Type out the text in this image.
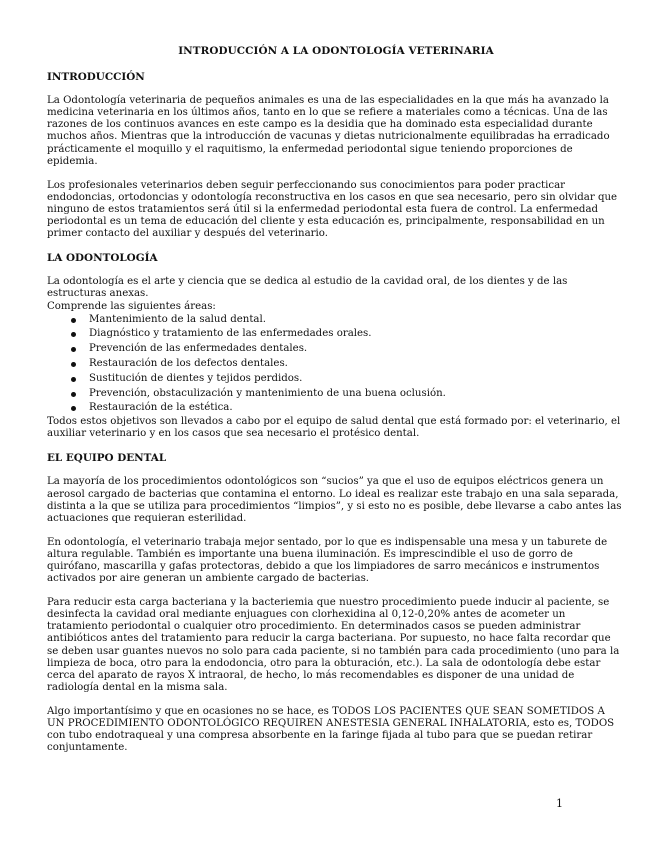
INTRODUCCIÓN A LA ODONTOLOGÍA VETERINARIA
INTRODUCCIÓN

La Odontología veterinaria de pequeños animales es una de las especialidades en la que más ha avanzado la medicina veterinaria en los últimos años, tanto en lo que se refiere a materiales como a técnicas. Una de las razones de los continuos avances en este campo es la desidia que ha dominado esta especialidad durante muchos años. Mientras que la introducción de vacunas y dietas nutricionalmente equilibradas ha erradicado prácticamente el moquillo y el raquitismo, la enfermedad periodontal sigue teniendo proporciones de epidemia.

Los profesionales veterinarios deben seguir perfeccionando sus conocimientos para poder practicar endodoncias, ortodoncias y odontología reconstructiva en los casos en que sea necesario, pero sin olvidar que ninguno de estos tratamientos será útil si la enfermedad periodontal esta fuera de control. La enfermedad periodontal es un tema de educación del cliente y esta educación es, principalmente, responsabilidad en un primer contacto del auxiliar y después del veterinario.

LA ODONTOLOGÍA

La odontología es el arte y ciencia que se dedica al estudio de la cavidad oral, de los dientes y de las estructuras anexas.

Comprende las siguientes áreas:

Mantenimiento de la salud dental.
Diagnóstico y tratamiento de las enfermedades orales.
Prevención de las enfermedades dentales.
Restauración de los defectos dentales.
Sustitución de dientes y tejidos perdidos.
Prevención, obstaculización y mantenimiento de una buena oclusión.
Restauración de la estética.

Todos estos objetivos son llevados a cabo por el equipo de salud dental que está formado por: el veterinario, el auxiliar veterinario y en los casos que sea necesario el protésico dental.

EL EQUIPO DENTAL

La mayoría de los procedimientos odontológicos son “sucios” ya que el uso de equipos eléctricos genera un aerosol cargado de bacterias que contamina el entorno. Lo ideal es realizar este trabajo en una sala separada, distinta a la que se utiliza para procedimientos “limpios”, y si esto no es posible, debe llevarse a cabo antes las actuaciones que requieran esterilidad.

En odontología, el veterinario trabaja mejor sentado, por lo que es indispensable una mesa y un taburete de altura regulable. También es importante una buena iluminación. Es imprescindible el uso de gorro de quirófano, mascarilla y gafas protectoras, debido a que los limpiadores de sarro mecánicos e instrumentos activados por aire generan un ambiente cargado de bacterias.

Para reducir esta carga bacteriana y la bacteriemia que nuestro procedimiento puede inducir al paciente, se desinfecta la cavidad oral mediante enjuagues con clorhexidina al 0,12-0,20% antes de acometer un tratamiento periodontal o cualquier otro procedimiento. En determinados casos se pueden administrar antibióticos antes del tratamiento para reducir la carga bacteriana. Por supuesto, no hace falta recordar que se deben usar guantes nuevos no solo para cada paciente, si no también para cada procedimiento (uno para la limpieza de boca, otro para la endodoncia, otro para la obturación, etc.). La sala de odontología debe estar cerca del aparato de rayos X intraoral, de hecho, lo más recomendables es disponer de una unidad de radiología dental en la misma sala.

Algo importantísimo y que en ocasiones no se hace, es TODOS LOS PACIENTES QUE SEAN SOMETIDOS A UN PROCEDIMIENTO ODONTOLÓGICO REQUIREN ANESTESIA GENERAL INHALATORIA, esto es, TODOS con tubo endotraqueal y una compresa absorbente en la faringe fijada al tubo para que se puedan retirar conjuntamente.

1
